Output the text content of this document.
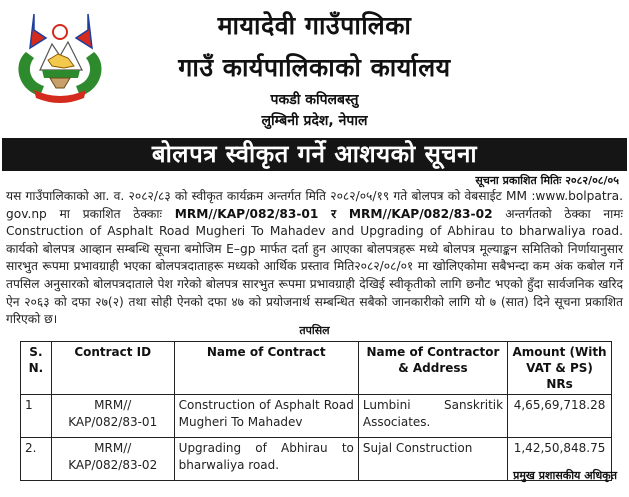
मायादेवी गाउँपालिका
गाउँ कार्यपालिकाको कार्यालय
पकडी कपिलबस्तु
लुम्बिनी प्रदेश, नेपाल
बोलपत्र स्वीकृत गर्ने आशयको सूचना
सूचना प्रकाशित मितिः २०८२/०८/०५
यस गाउँपालिकाको आ. व. २०८२/८३ को स्वीकृत कार्यक्रम अन्तर्गत मिति २०८२/०५/१९ गते बोलपत्र को वेबसाईट MM :www.bolpatra. gov.np मा प्रकाशित ठेक्काः MRM//KAP/082/83-01 र MRM//KAP/082/83-02 अन्तर्गतको ठेक्का नामः Construction of Asphalt Road Mugheri To Mahadev and Upgrading of Abhirau to bharwaliya road. कार्यको बोलपत्र आव्हान सम्बन्धि सूचना बमोजिम E–gp मार्फत दर्ता हुन आएका बोलपत्रहरू मध्ये बोलपत्र मूल्याङ्कन समितिको निर्णायानुसार सारभुत रूपमा प्रभावग्राही भएका बोलपत्रदाताहरू मध्यको आर्थिक प्रस्ताव मिति२०८२/०८/०१ मा खोलिएकोमा सबैभन्दा कम अंक कबोल गर्ने तपसिल अनुसारको बोलपत्रदाताले पेश गरेको बोलपत्र सारभुत रूपमा प्रभावग्राही देखिई स्वीकृतीको लागि छनौट भएको हुँदा सार्वजनिक खरिद ऐन २०६३ को दफा २७(२) तथा सोही ऐनको दफा ४७ को प्रयोजनार्थ सम्बन्धित सबैको जानकारीको लागि यो ७ (सात) दिने सूचना प्रकाशित गरिएको छ।
तपसिल
S. N.	Contract ID	Name of Contract	Name of Contractor & Address	Amount (With VAT & PS) NRs
1	MRM// KAP/082/83-01	Construction of Asphalt Road Mugheri To Mahadev	Lumbini Sanskritik Associates.	4,65,69,718.28
2.	MRM// KAP/082/83-02	Upgrading of Abhirau to bharwaliya road.	Sujal Construction	1,42,50,848.75
प्रमुख प्रशासकीय अधिकृत
